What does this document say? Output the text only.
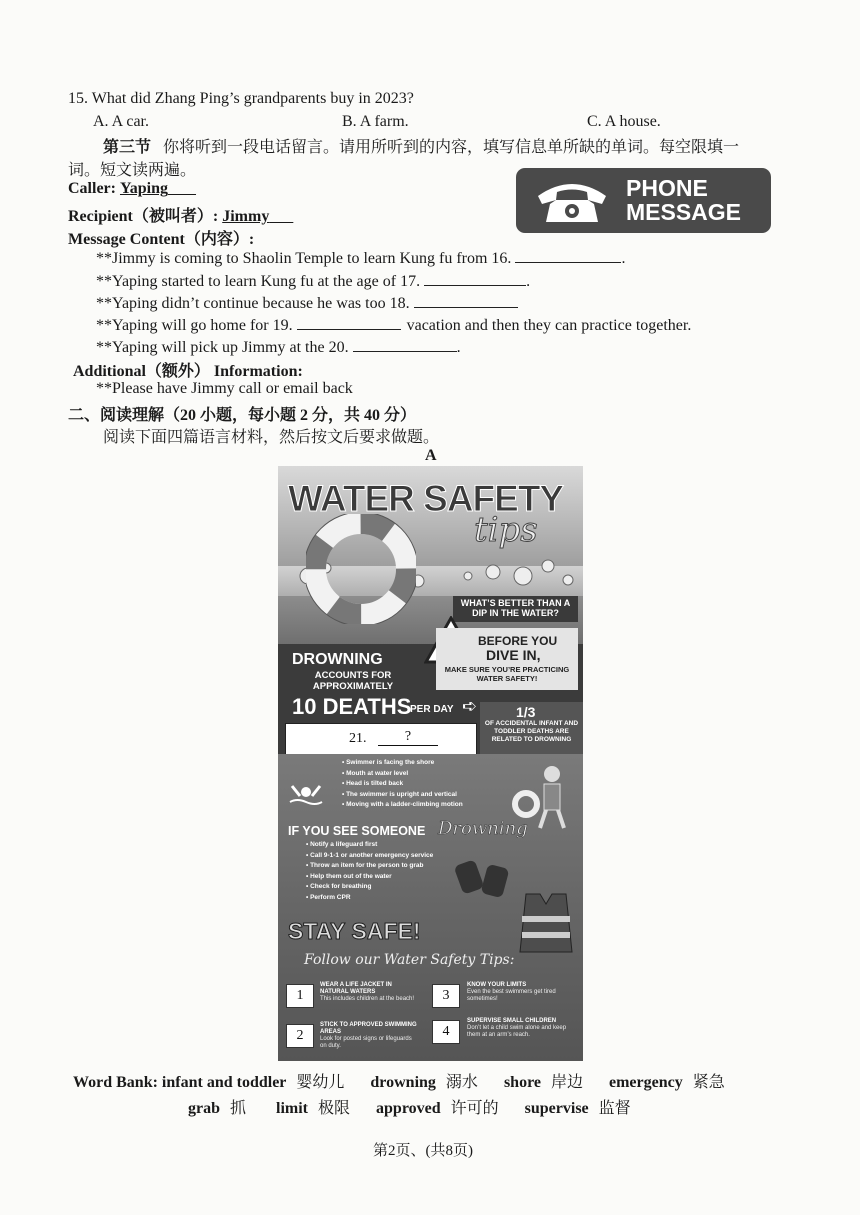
15. What did Zhang Ping’s grandparents buy in 2023?
A. A car.	B. A farm.	C. A house.
第三节 你将听到一段电话留言。请用所听到的内容，填写信息单所缺的单词。每空限填一
词。短文读两遍。
PHONE
MESSAGE
Caller: Yaping
Recipient（被叫者）: Jimmy
Message Content（内容）:
**Jimmy is coming to Shaolin Temple to learn Kung fu from 16.	.
**Yaping started to learn Kung fu at the age of 17.	.
**Yaping didn’t continue because he was too 18.
**Yaping will go home for 19.	vacation and then they can practice together.
**Yaping will pick up Jimmy at the 20.	.
Additional（额外） Information:
**Please have Jimmy call or email back
二、阅读理解（20 小题，每小题 2 分，共 40 分）
阅读下面四篇语言材料，然后按文后要求做题。
A
WATER SAFETY
tips
WHAT’S BETTER THAN A DIP IN THE WATER?
BEFORE YOU
DIVE IN,
MAKE SURE YOU’RE PRACTICING WATER SAFETY!
DROWNING
ACCOUNTS FOR APPROXIMATELY
10 DEATHS
PER DAY ➪	1/3
OF ACCIDENTAL INFANT AND TODDLER DEATHS ARE RELATED TO DROWNING
21.	?
• Swimmer is facing the shore
• Mouth at water level
• Head is tilted back
• The swimmer is upright and vertical
• Moving with a ladder-climbing motion
IF YOU SEE SOMEONE Drowning
• Notify a lifeguard first
• Call 9-1-1 or another emergency service
• Throw an item for the person to grab
• Help them out of the water
• Check for breathing
• Perform CPR
STAY SAFE!
Follow our Water Safety Tips:
1
WEAR A LIFE JACKET IN NATURAL WATERS
This includes children at the beach!
2
STICK TO APPROVED SWIMMING AREAS
Look for posted signs or lifeguards on duty.
3
KNOW YOUR LIMITS
Even the best swimmers get tired sometimes!
4
SUPERVISE SMALL CHILDREN
Don’t let a child swim alone and keep them at an arm’s reach.
Word Bank: infant and toddler 婴幼儿 drowning 溺水 shore 岸边 emergency 紧急
grab 抓 limit 极限 approved 许可的 supervise 监督
第2页、(共8页)
